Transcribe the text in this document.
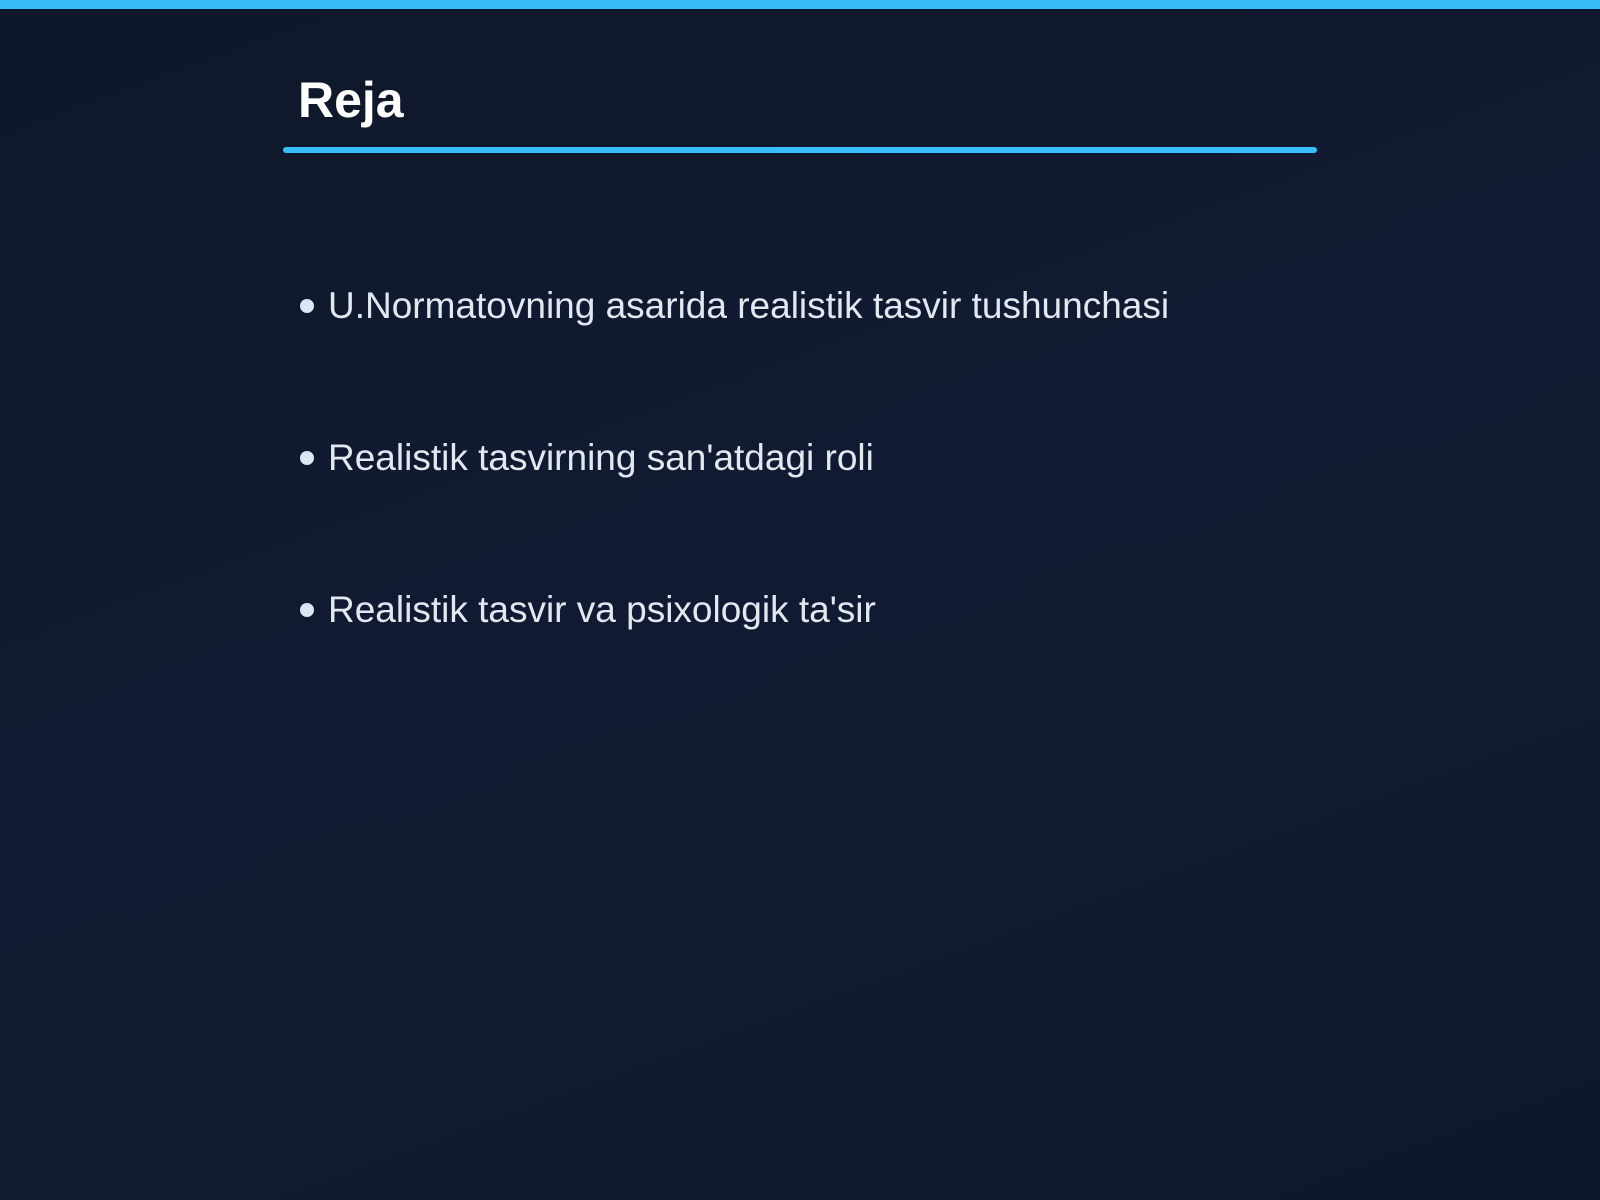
Reja
U.Normatovning asarida realistik tasvir tushunchasi
Realistik tasvirning san'atdagi roli
Realistik tasvir va psixologik ta'sir
